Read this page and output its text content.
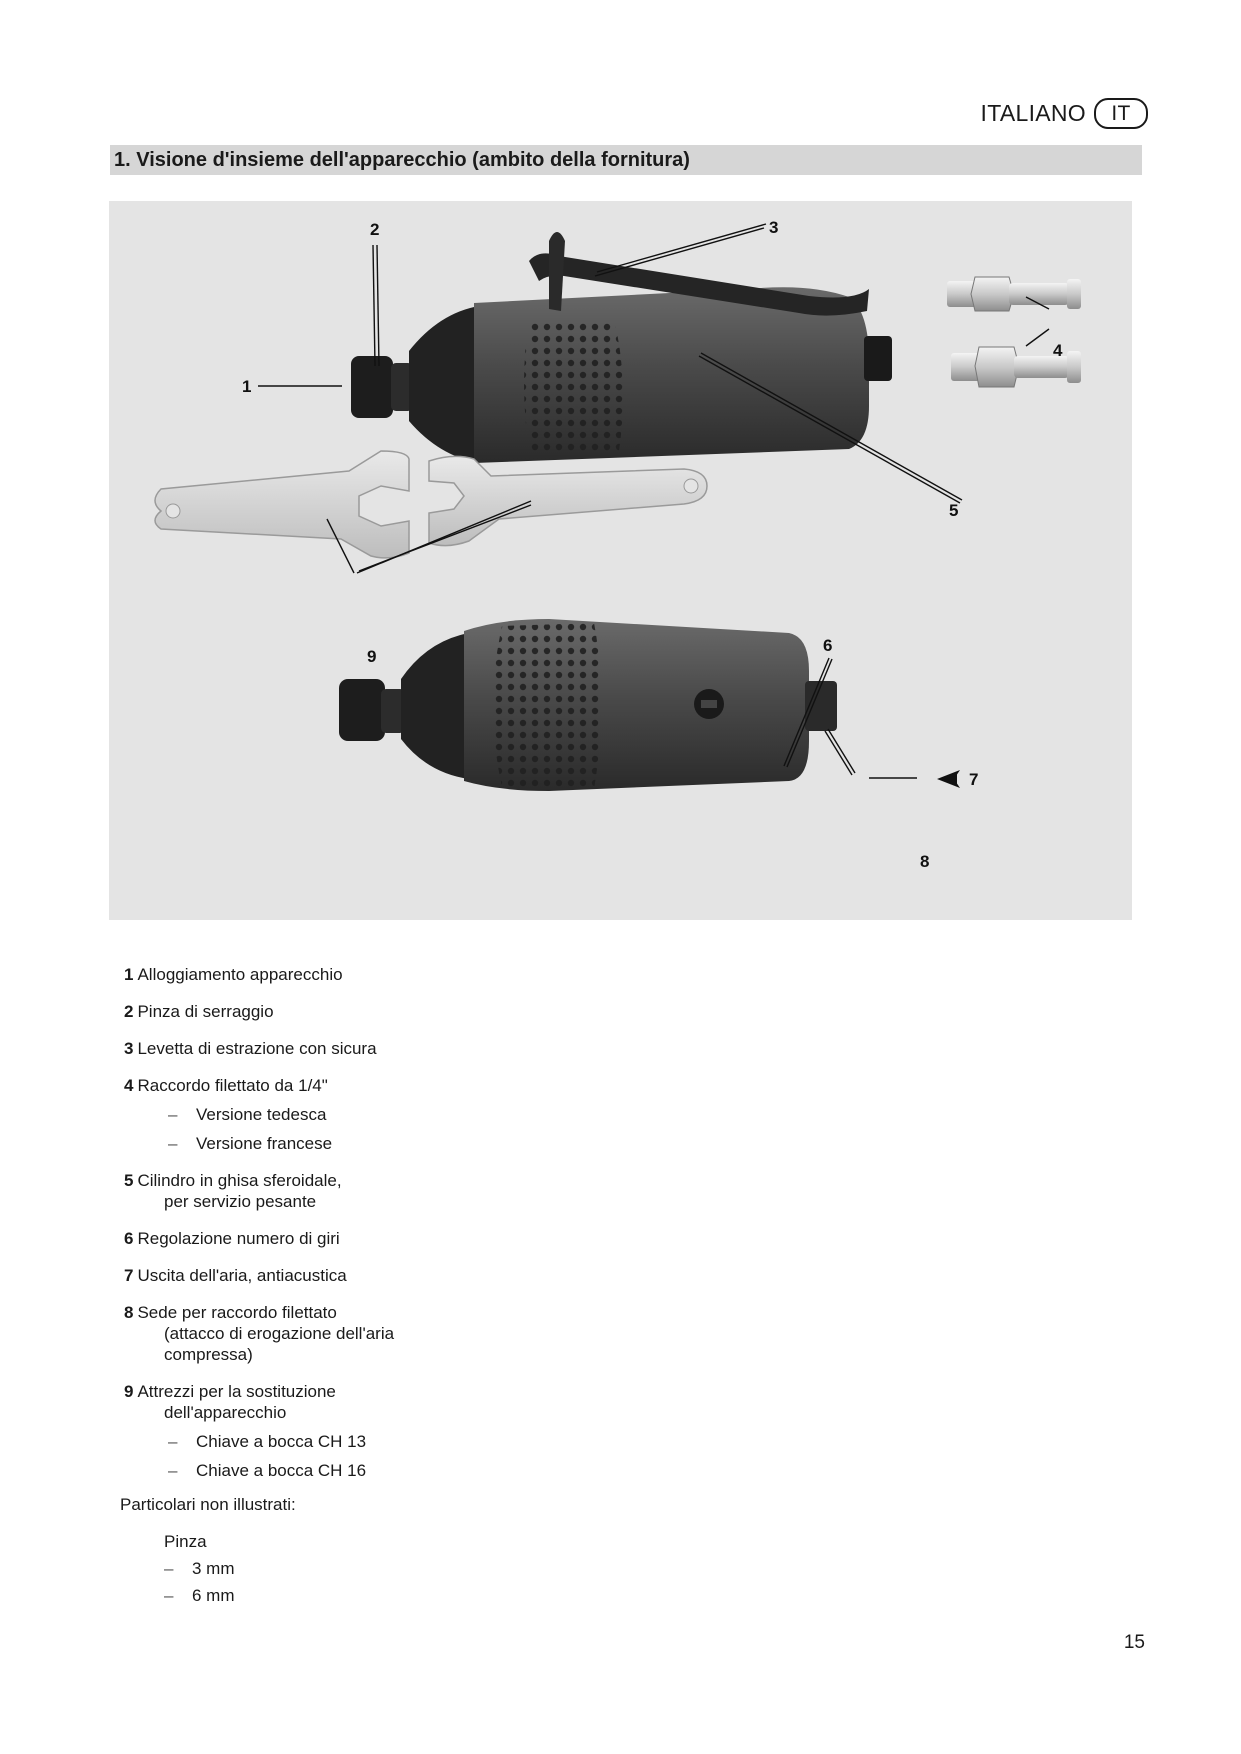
ITALIANO	IT
1. Visione d'insieme dell'apparecchio (ambito della fornitura)
1
2	3
4
5
6
7
8
9
1 Alloggiamento apparecchio
2 Pinza di serraggio
3 Levetta di estrazione con sicura
4 Raccordo filettato da 1/4"
–	Versione tedesca
–	Versione francese
5 Cilindro in ghisa sferoidale,
per servizio pesante
6 Regolazione numero di giri
7 Uscita dell'aria, antiacustica
8 Sede per raccordo filettato
(attacco di erogazione dell'aria
compressa)
9 Attrezzi per la sostituzione
dell'apparecchio
–	Chiave a bocca CH 13
–	Chiave a bocca CH 16
Particolari non illustrati:
Pinza
–	3 mm
–	6 mm
15
